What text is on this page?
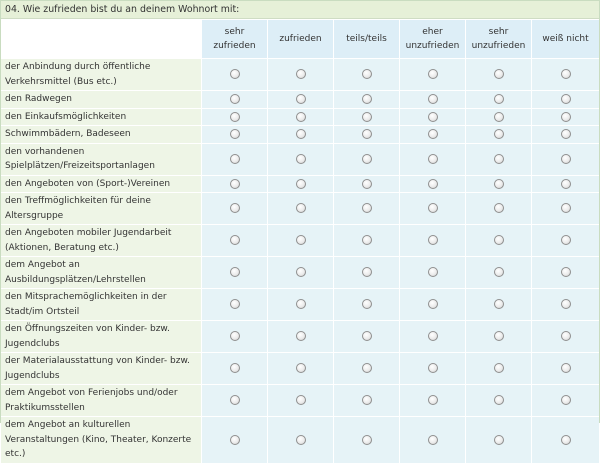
04. Wie zufrieden bist du an deinem Wohnort mit:
	sehr zufrieden	zufrieden	teils/teils	eher unzufrieden	sehr unzufrieden	weiß nicht
der Anbindung durch öffentliche Verkehrsmittel (Bus etc.)						
den Radwegen						
den Einkaufsmöglichkeiten						
Schwimmbädern, Badeseen						
den vorhandenen Spielplätzen/Freizeitsportanlagen						
den Angeboten von (Sport-)Vereinen						
den Treffmöglichkeiten für deine Altersgruppe						
den Angeboten mobiler Jugendarbeit (Aktionen, Beratung etc.)						
dem Angebot an Ausbildungsplätzen/Lehrstellen						
den Mitsprachemöglichkeiten in der Stadt/im Ortsteil						
den Öffnungszeiten von Kinder- bzw. Jugendclubs						
der Materialausstattung von Kinder- bzw. Jugendclubs						
dem Angebot von Ferienjobs und/oder Praktikumsstellen						
dem Angebot an kulturellen Veranstaltungen (Kino, Theater, Konzerte etc.)						
